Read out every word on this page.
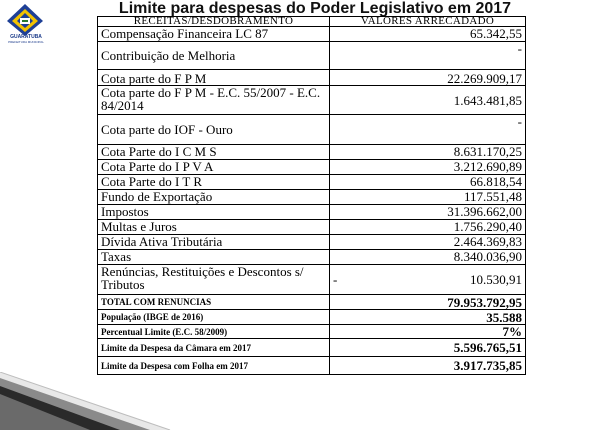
GUARATUBA
PREFEITURA MUNICIPAL
Limite para despesas do Poder Legislativo em 2017
RECEITAS/DESDOBRAMENTO	VALORES ARRECADADO
Compensação Financeira LC 87	65.342,55
Contribuição de Melhoria	-
Cota parte do F P M	22.269.909,17
Cota parte do F P M - E.C. 55/2007 - E.C. 84/2014	1.643.481,85
Cota parte do IOF - Ouro	-
Cota Parte do I C M S	8.631.170,25
Cota Parte do I P V A	3.212.690,89
Cota Parte do I T R	66.818,54
Fundo de Exportação	117.551,48
Impostos	31.396.662,00
Multas e Juros	1.756.290,40
Dívida Ativa Tributária	2.464.369,83
Taxas	8.340.036,90
Renúncias, Restituições e Descontos s/ Tributos	- 10.530,91
TOTAL COM RENUNCIAS	79.953.792,95
População (IBGE de 2016)	35.588
Percentual Limite (E.C. 58/2009)	7%
Limite da Despesa da Câmara em 2017	5.596.765,51
Limite da Despesa com Folha em 2017	3.917.735,85
